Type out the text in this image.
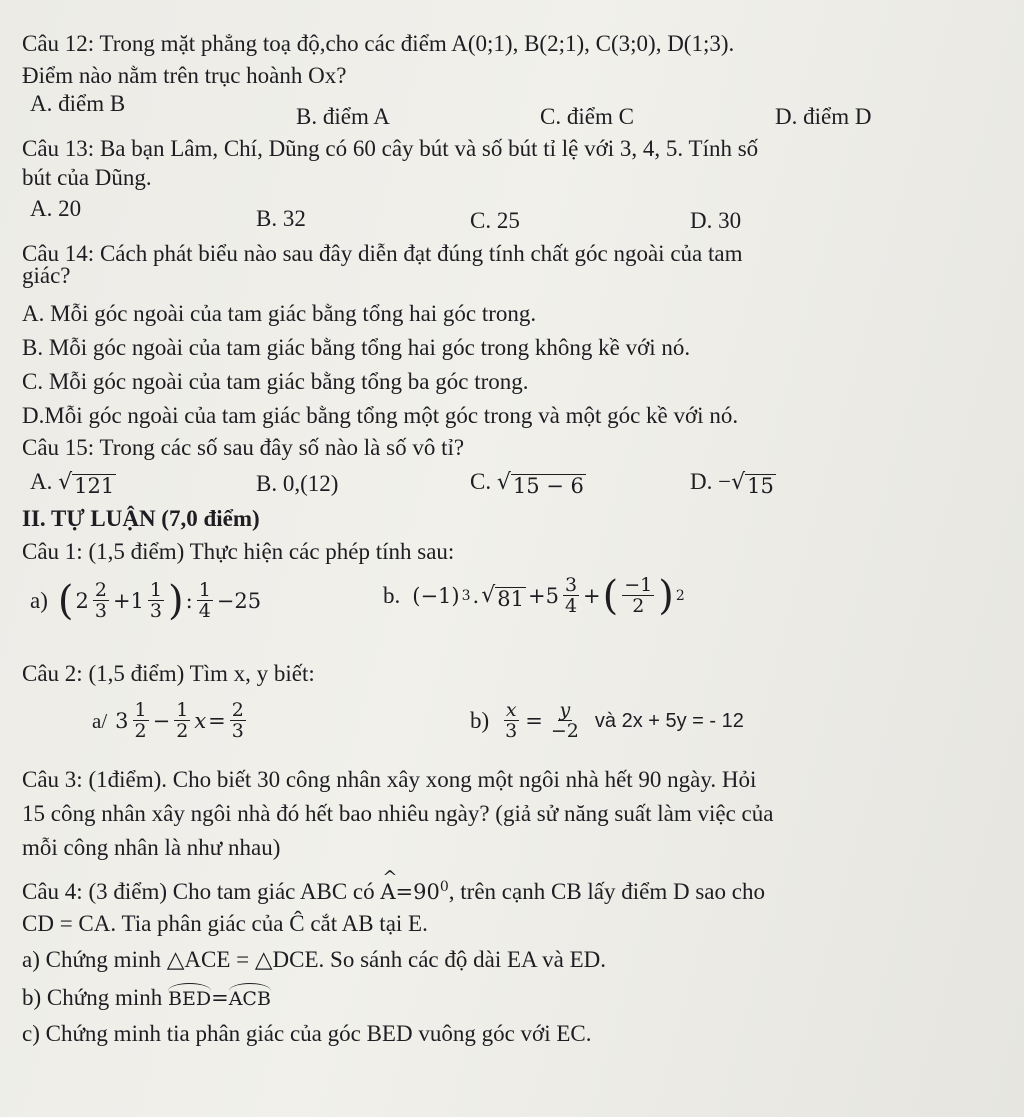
Câu 12: Trong mặt phẳng toạ độ,cho các điểm A(0;1), B(2;1), C(3;0), D(1;3).
Điểm nào nằm trên trục hoành Ox?
A. điểm B
B. điểm A	C. điểm C	D. điểm D
Câu 13: Ba bạn Lâm, Chí, Dũng có 60 cây bút và số bút tỉ lệ với 3, 4, 5. Tính số
bút của Dũng.
A. 20	B. 32	C. 25	D. 30
Câu 14: Cách phát biểu nào sau đây diễn đạt đúng tính chất góc ngoài của tam
giác?
A. Mỗi góc ngoài của tam giác bằng tổng hai góc trong.
B. Mỗi góc ngoài của tam giác bằng tổng hai góc trong không kề với nó.
C. Mỗi góc ngoài của tam giác bằng tổng ba góc trong.
D.Mỗi góc ngoài của tam giác bằng tổng một góc trong và một góc kề với nó.
Câu 15: Trong các số sau đây số nào là số vô tỉ?
A. √ 121	B. 0,(12)	C. √ 15 − 6	D. − √ 15
II. TỰ LUẬN (7,0 điểm)
Câu 1: (1,5 điểm) Thực hiện các phép tính sau:
a) ( $2 \frac{2}{3} +1 \frac{1}{3}$ ) : $\frac{1}{4} -25$	b. (−1) 3 . √ $81 +5 \frac{3}{4}$ + ( $\frac{-1}{2}$ ) 2
Câu 2: (1,5 điểm) Tìm x, y biết:
a/ $3 \frac{1}{2} - \frac{1}{2}$ $x = \frac{2}{3}$	$b) \frac{x}{3} = \frac{y}{-2}$ và 2x + 5y = - 12
Câu 3: (1điểm). Cho biết 30 công nhân xây xong một ngôi nhà hết 90 ngày. Hỏi
15 công nhân xây ngôi nhà đó hết bao nhiêu ngày? (giả sử năng suất làm việc của
mỗi công nhân là như nhau)
Câu 4: (3 điểm) Cho tam giác ABC có ^ $A=90^0$, trên cạnh CB lấy điểm D sao cho
CD = CA. Tia phân giác của Ĉ cắt AB tại E.
a) Chứng minh △ACE = △DCE. So sánh các độ dài EA và ED.
b) Chứng minh BED=ACB
c) Chứng minh tia phân giác của góc BED vuông góc với EC.
